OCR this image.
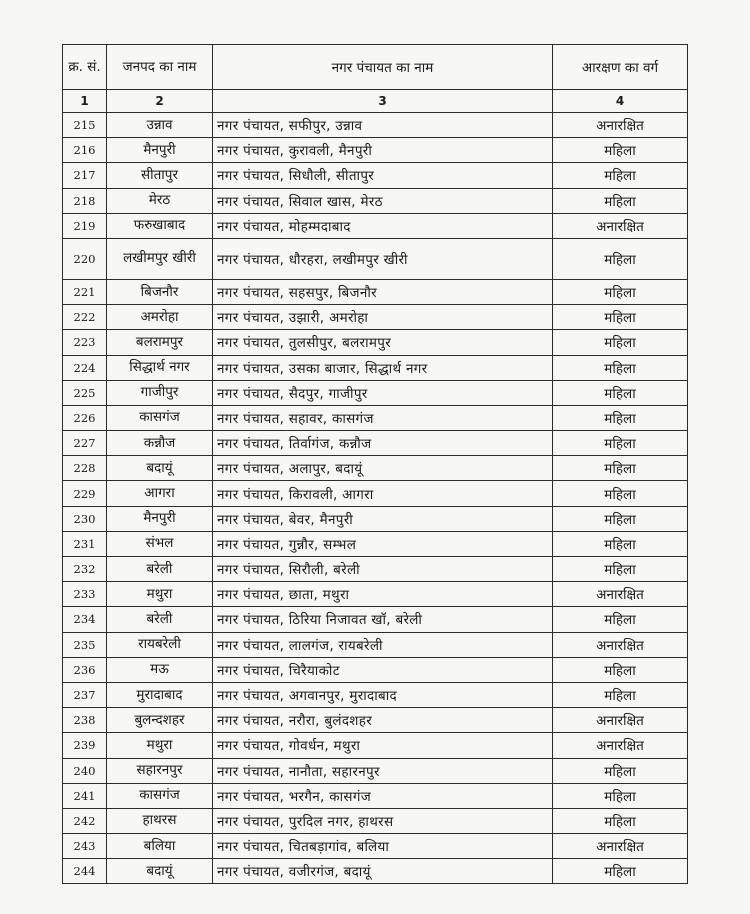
क्र. सं.	जनपद का नाम	नगर पंचायत का नाम	आरक्षण का वर्ग
1	2	3	4
215	उन्नाव	नगर पंचायत, सफीपुर, उन्नाव	अनारक्षित
216	मैनपुरी	नगर पंचायत, कुरावली, मैनपुरी	महिला
217	सीतापुर	नगर पंचायत, सिधौली, सीतापुर	महिला
218	मेरठ	नगर पंचायत, सिवाल खास, मेरठ	महिला
219	फरुखाबाद	नगर पंचायत, मोहम्मदाबाद	अनारक्षित
220	लखीमपुर खीरी	नगर पंचायत, धौरहरा, लखीमपुर खीरी	महिला
221	बिजनौर	नगर पंचायत, सहसपुर, बिजनौर	महिला
222	अमरोहा	नगर पंचायत, उझारी, अमरोहा	महिला
223	बलरामपुर	नगर पंचायत, तुलसीपुर, बलरामपुर	महिला
224	सिद्धार्थ नगर	नगर पंचायत, उसका बाजार, सिद्धार्थ नगर	महिला
225	गाजीपुर	नगर पंचायत, सैदपुर, गाजीपुर	महिला
226	कासगंज	नगर पंचायत, सहावर, कासगंज	महिला
227	कन्नौज	नगर पंचायत, तिर्वागंज, कन्नौज	महिला
228	बदायूं	नगर पंचायत, अलापुर, बदायूं	महिला
229	आगरा	नगर पंचायत, किरावली, आगरा	महिला
230	मैनपुरी	नगर पंचायत, बेवर, मैनपुरी	महिला
231	संभल	नगर पंचायत, गुन्नौर, सम्भल	महिला
232	बरेली	नगर पंचायत, सिरौली, बरेली	महिला
233	मथुरा	नगर पंचायत, छाता, मथुरा	अनारक्षित
234	बरेली	नगर पंचायत, ठिरिया निजावत खॉ, बरेली	महिला
235	रायबरेली	नगर पंचायत, लालगंज, रायबरेली	अनारक्षित
236	मऊ	नगर पंचायत, चिरैयाकोट	महिला
237	मुरादाबाद	नगर पंचायत, अगवानपुर, मुरादाबाद	महिला
238	बुलन्दशहर	नगर पंचायत, नरौरा, बुलंदशहर	अनारक्षित
239	मथुरा	नगर पंचायत, गोवर्धन, मथुरा	अनारक्षित
240	सहारनपुर	नगर पंचायत, नानौता, सहारनपुर	महिला
241	कासगंज	नगर पंचायत, भरगैन, कासगंज	महिला
242	हाथरस	नगर पंचायत, पुरदिल नगर, हाथरस	महिला
243	बलिया	नगर पंचायत, चितबड़ागांव, बलिया	अनारक्षित
244	बदायूं	नगर पंचायत, वजीरगंज, बदायूं	महिला
